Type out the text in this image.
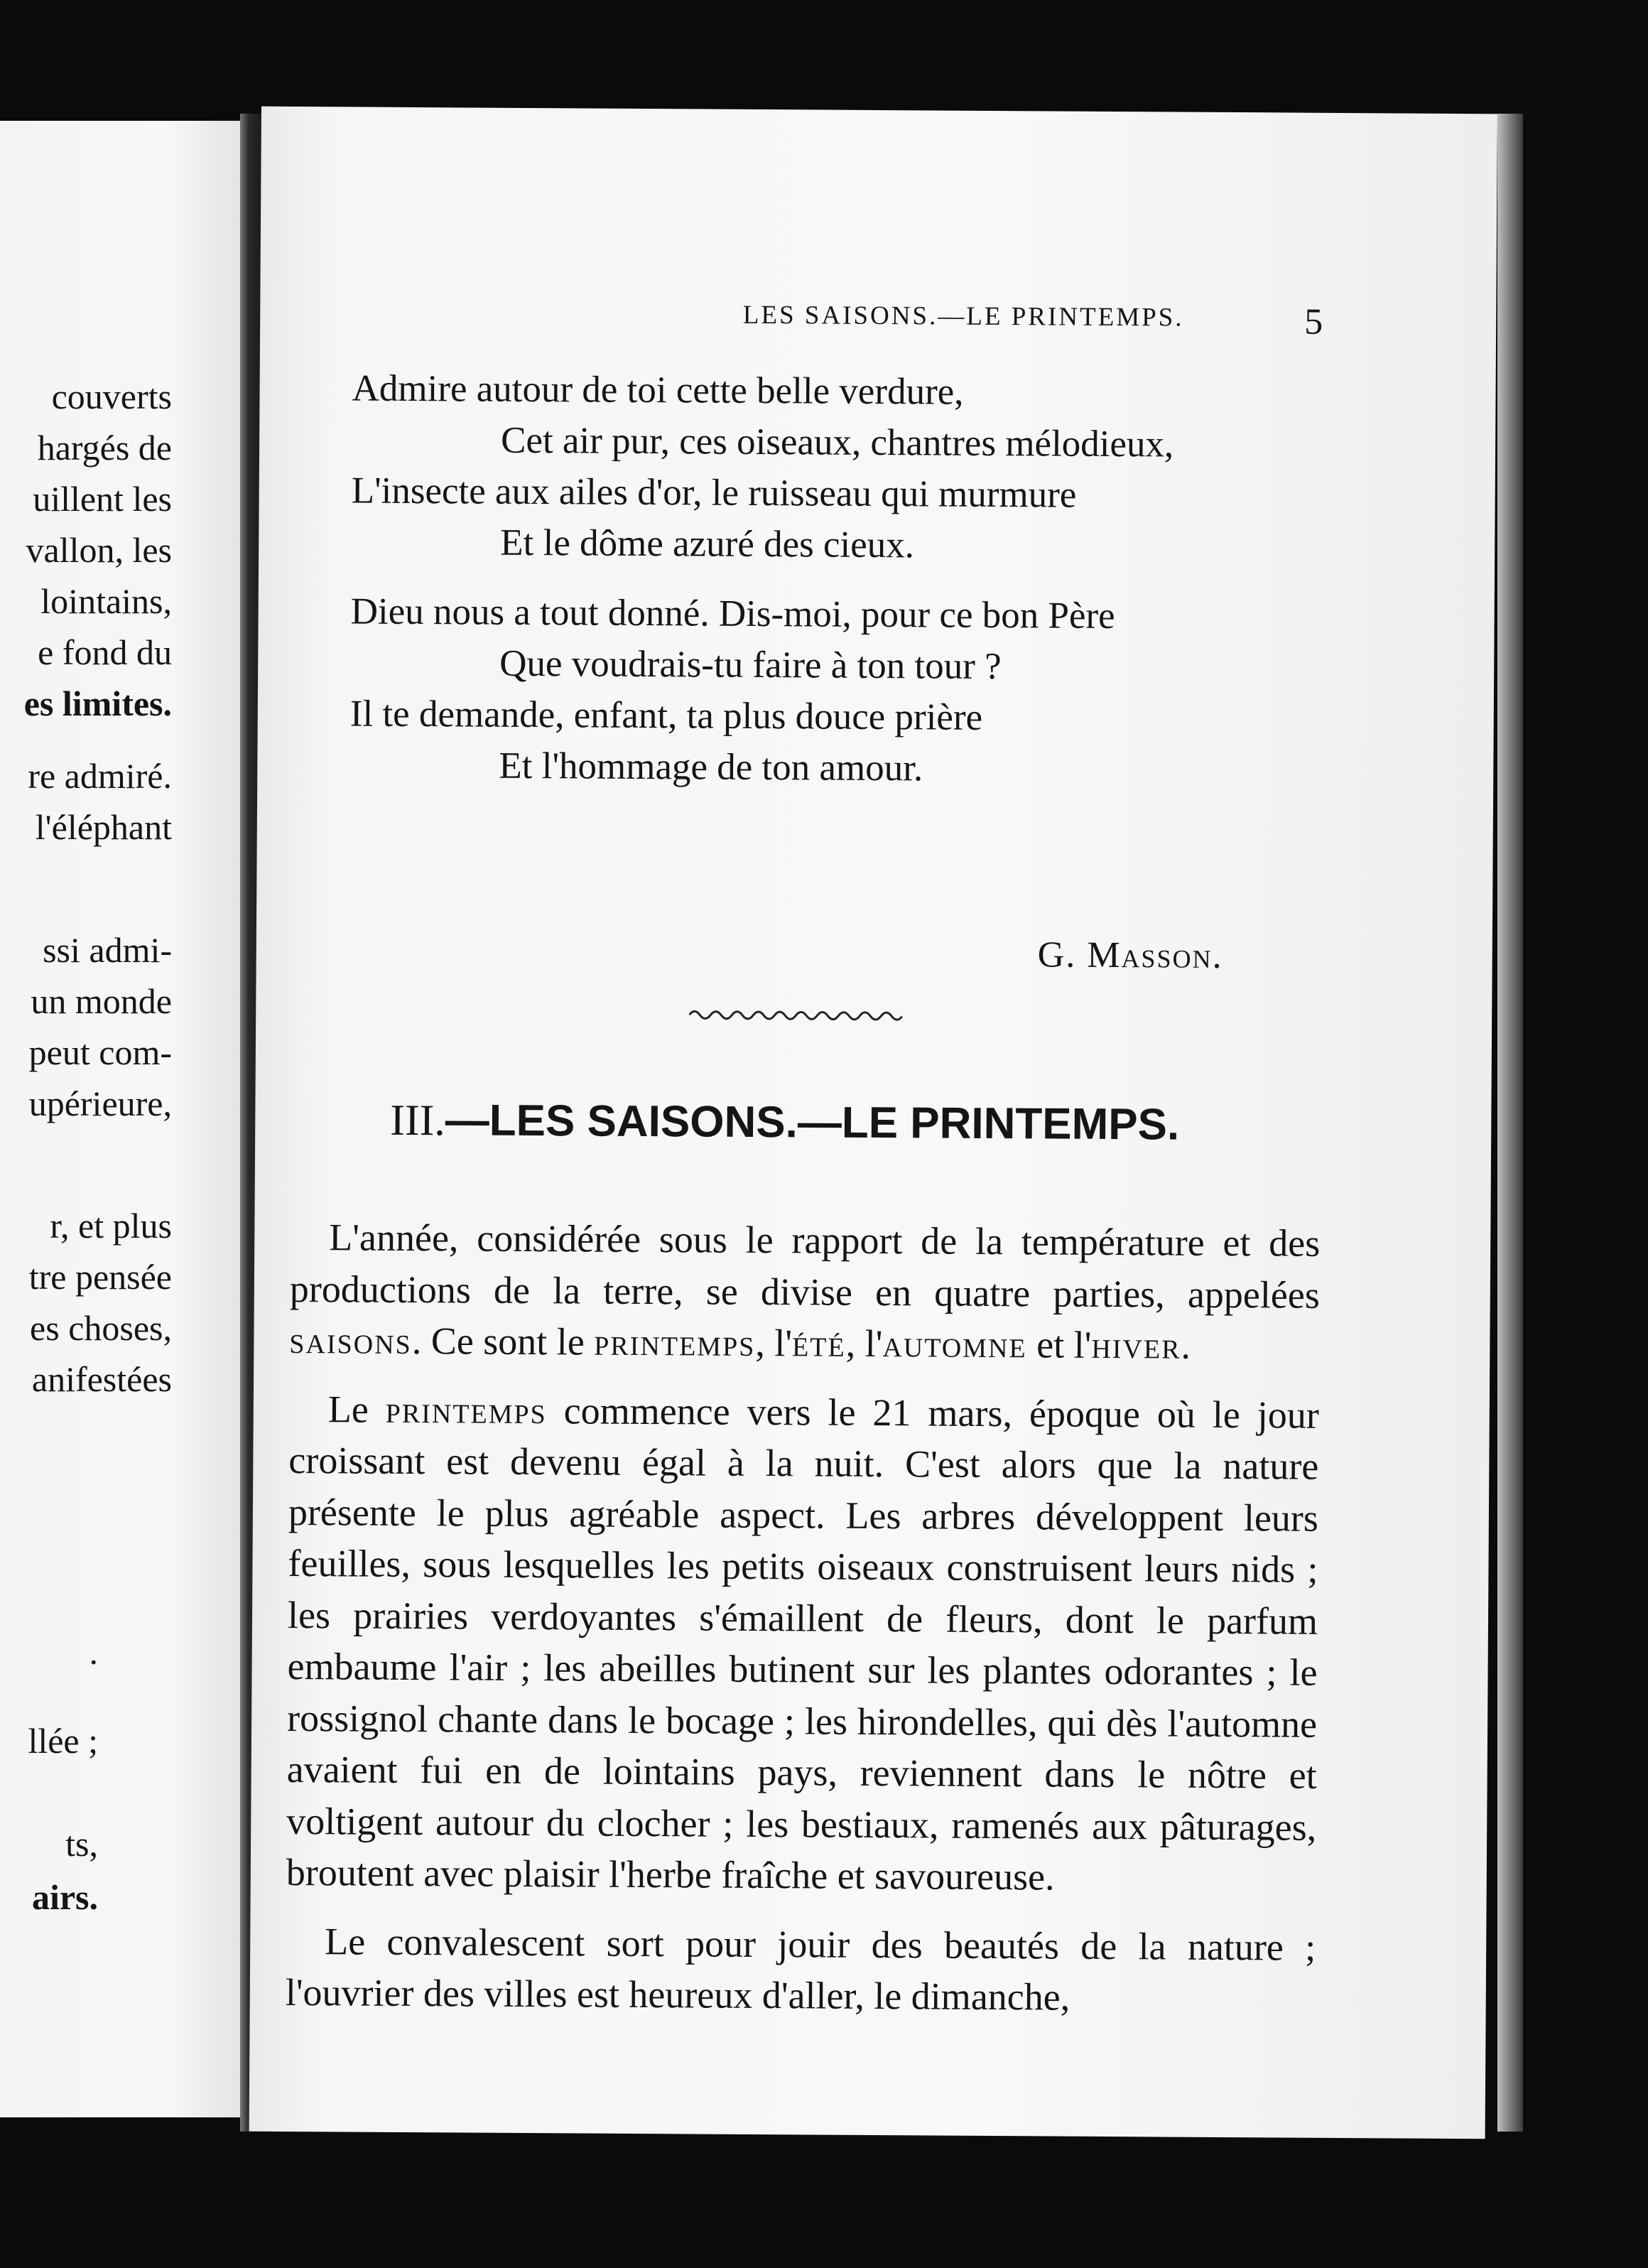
couverts
hargés de
uillent les
vallon, les
lointains,
e fond du
es limites.
re admiré.
l'éléphant
ssi admi-
un monde
peut com-
upérieure,
r, et plus
tre pensée
es choses,
anifestées
.
llée ;
ts,
airs.
LES SAISONS.—LE PRINTEMPS.	5
Admire autour de toi cette belle verdure,
Cet air pur, ces oiseaux, chantres mélodieux,
L'insecte aux ailes d'or, le ruisseau qui murmure
Et le dôme azuré des cieux.
Dieu nous a tout donné. Dis-moi, pour ce bon Père
Que voudrais-tu faire à ton tour ?
Il te demande, enfant, ta plus douce prière
Et l'hommage de ton amour.
G. Masson.
III.—LES SAISONS.—LE PRINTEMPS.

L'année, considérée sous le rapport de la température et des productions de la terre, se divise en quatre parties, appelées saisons. Ce sont le printemps, l'été, l'automne et l'hiver.

Le printemps commence vers le 21 mars, époque où le jour croissant est devenu égal à la nuit. C'est alors que la nature présente le plus agréable aspect. Les arbres développent leurs feuilles, sous lesquelles les petits oiseaux construisent leurs nids ; les prairies verdoyantes s'émaillent de fleurs, dont le parfum embaume l'air ; les abeilles butinent sur les plantes odorantes ; le rossignol chante dans le bocage ; les hirondelles, qui dès l'automne avaient fui en de lointains pays, reviennent dans le nôtre et voltigent autour du clocher ; les bestiaux, ramenés aux pâturages, broutent avec plaisir l'herbe fraîche et savoureuse.

Le convalescent sort pour jouir des beautés de la nature ; l'ouvrier des villes est heureux d'aller, le dimanche,
